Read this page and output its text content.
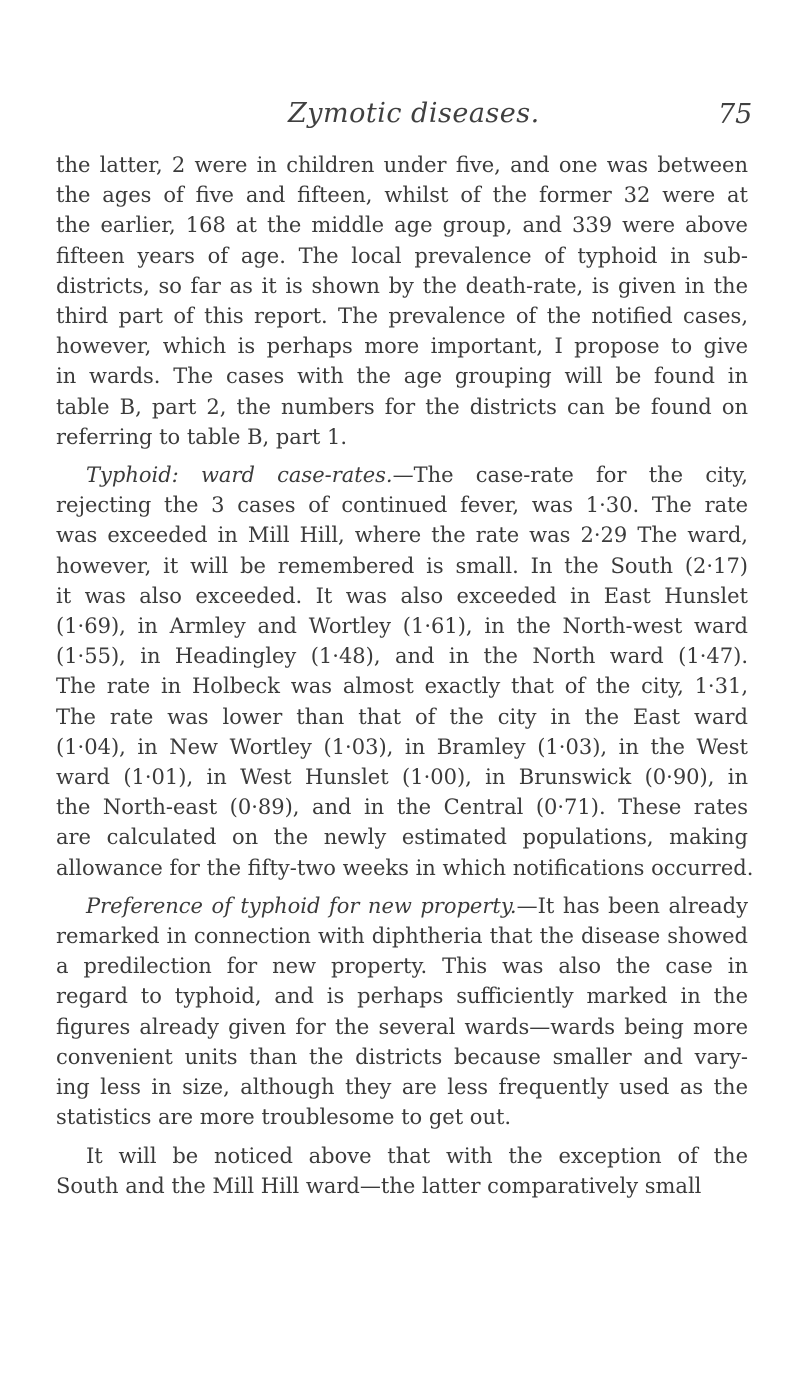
Zymotic diseases.	75
the latter, 2 were in children under five, and one was between
the ages of five and fifteen, whilst of the former 32 were at
the earlier, 168 at the middle age group, and 339 were above
fifteen years of age. The local prevalence of typhoid in sub-
districts, so far as it is shown by the death-rate, is given in the
third part of this report. The prevalence of the notified cases,
however, which is perhaps more important, I propose to give
in wards. The cases with the age grouping will be found in
table B, part 2, the numbers for the districts can be found on
referring to table B, part 1.
Typhoid: ward case-rates.—The case-rate for the city,
rejecting the 3 cases of continued fever, was 1·30. The rate
was exceeded in Mill Hill, where the rate was 2·29 The ward,
however, it will be remembered is small. In the South (2·17)
it was also exceeded. It was also exceeded in East Hunslet
(1·69), in Armley and Wortley (1·61), in the North-west ward
(1·55), in Headingley (1·48), and in the North ward (1·47).
The rate in Holbeck was almost exactly that of the city, 1·31,
The rate was lower than that of the city in the East ward
(1·04), in New Wortley (1·03), in Bramley (1·03), in the West
ward (1·01), in West Hunslet (1·00), in Brunswick (0·90), in
the North-east (0·89), and in the Central (0·71). These rates
are calculated on the newly estimated populations, making
allowance for the fifty-two weeks in which notifications occurred.
Preference of typhoid for new property.—It has been already
remarked in connection with diphtheria that the disease showed
a predilection for new property. This was also the case in
regard to typhoid, and is perhaps sufficiently marked in the
figures already given for the several wards—wards being more
convenient units than the districts because smaller and vary-
ing less in size, although they are less frequently used as the
statistics are more troublesome to get out.
It will be noticed above that with the exception of the
South and the Mill Hill ward—the latter comparatively small
